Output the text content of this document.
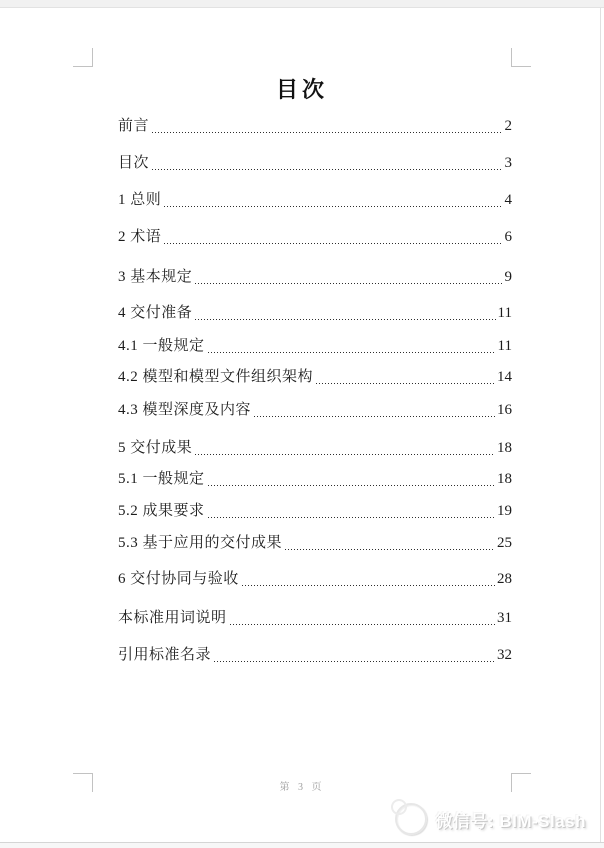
目次
前言	2
目次	3
1 总则	4
2 术语	6
3 基本规定	9
4 交付准备	11
4.1 一般规定	11
4.2 模型和模型文件组织架构	14
4.3 模型深度及内容	16
5 交付成果	18
5.1 一般规定	18
5.2 成果要求	19
5.3 基于应用的交付成果	25
6 交付协同与验收	28
本标准用词说明	31
引用标准名录	32
第 3 页
微信号: BIM-Slash
